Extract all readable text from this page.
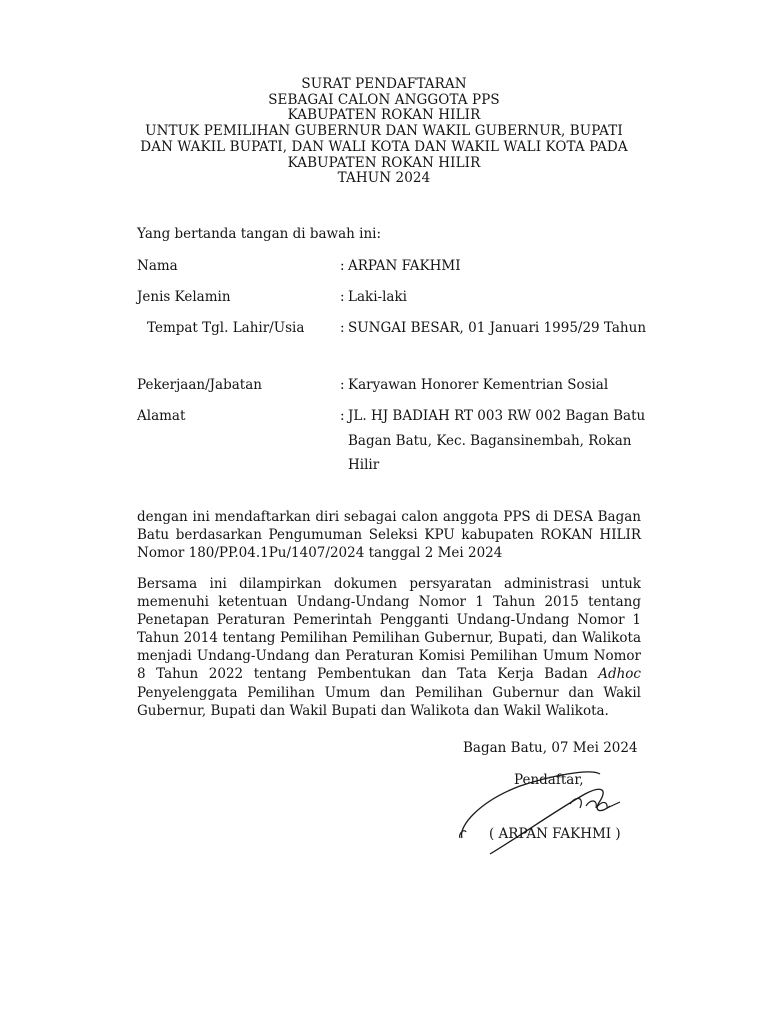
SURAT PENDAFTARAN
SEBAGAI CALON ANGGOTA PPS
KABUPATEN ROKAN HILIR
UNTUK PEMILIHAN GUBERNUR DAN WAKIL GUBERNUR, BUPATI
DAN WAKIL BUPATI, DAN WALI KOTA DAN WAKIL WALI KOTA PADA
KABUPATEN ROKAN HILIR
TAHUN 2024
Yang bertanda tangan di bawah ini:
Nama	: ARPAN FAKHMI
Jenis Kelamin	: Laki-laki
Tempat Tgl. Lahir/Usia	: SUNGAI BESAR, 01 Januari 1995/29 Tahun
Pekerjaan/Jabatan	: Karyawan Honorer Kementrian Sosial
Alamat	: JL. HJ BADIAH RT 003 RW 002 Bagan Batu
Bagan Batu, Kec. Bagansinembah, Rokan Hilir
dengan ini mendaftarkan diri sebagai calon anggota PPS di DESA Bagan Batu berdasarkan Pengumuman Seleksi KPU kabupaten ROKAN HILIR Nomor 180/PP.04.1Pu/1407/2024 tanggal 2 Mei 2024
Bersama ini dilampirkan dokumen persyaratan administrasi untuk memenuhi ketentuan Undang-Undang Nomor 1 Tahun 2015 tentang Penetapan Peraturan Pemerintah Pengganti Undang-Undang Nomor 1 Tahun 2014 tentang Pemilihan Pemilihan Gubernur, Bupati, dan Walikota menjadi Undang-Undang dan Peraturan Komisi Pemilihan Umum Nomor 8 Tahun 2022 tentang Pembentukan dan Tata Kerja Badan Adhoc Penyelenggata Pemilihan Umum dan Pemilihan Gubernur dan Wakil Gubernur, Bupati dan Wakil Bupati dan Walikota dan Wakil Walikota.
Bagan Batu, 07 Mei 2024
Pendaftar,
( ARPAN FAKHMI )
